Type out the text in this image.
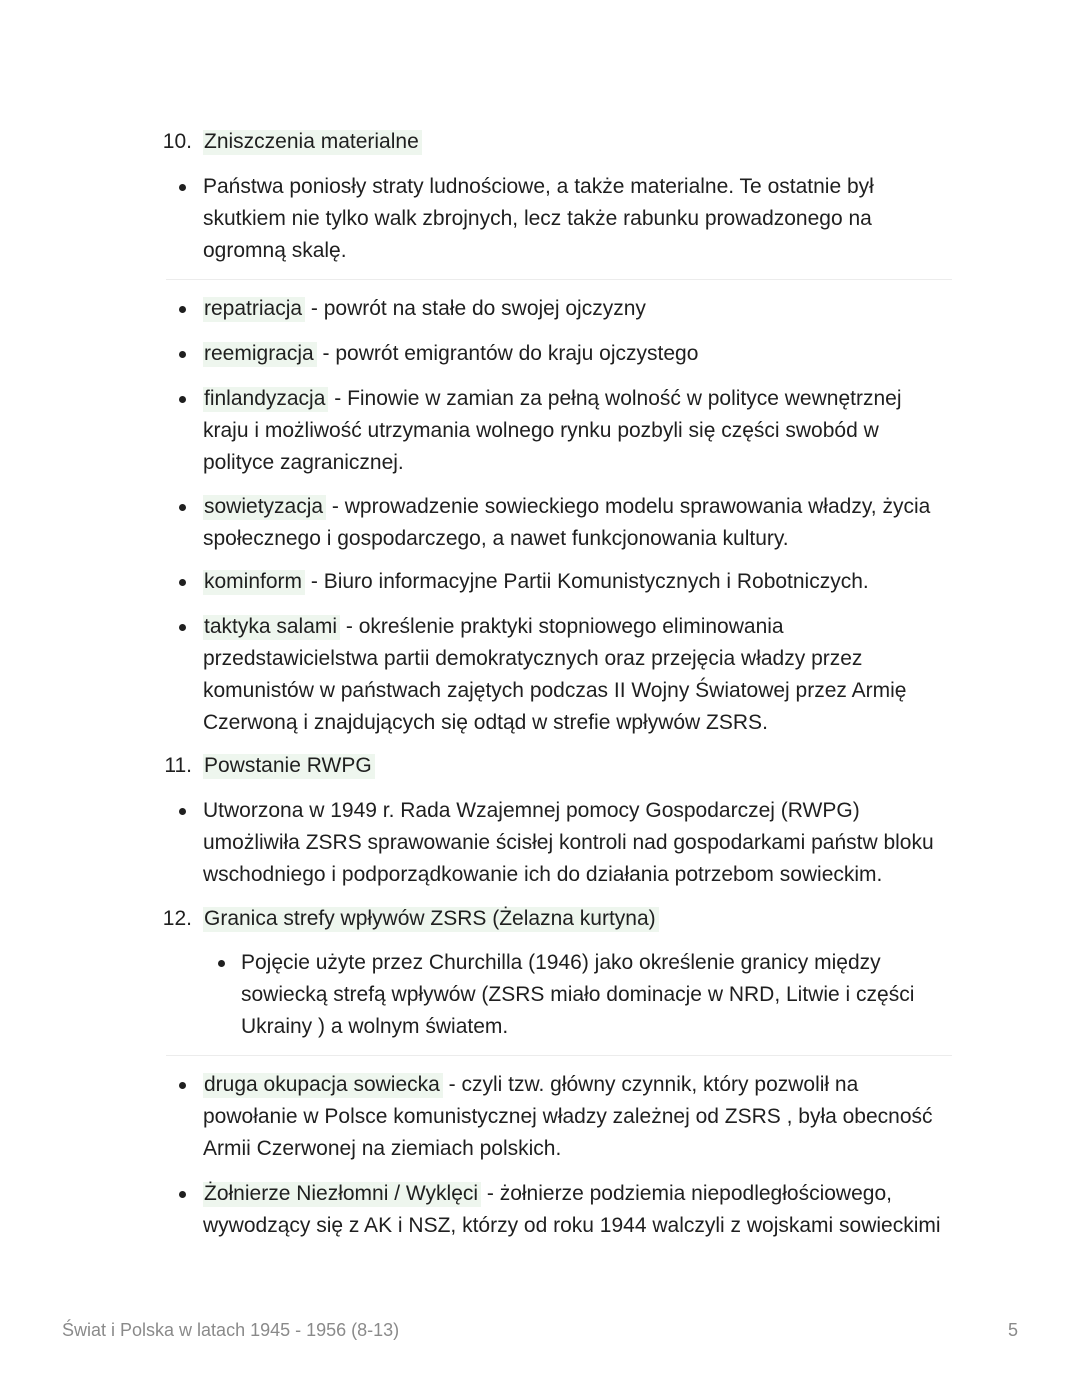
10. Zniszczenia materialne
Państwa poniosły straty ludnościowe, a także materialne. Te ostatnie był
skutkiem nie tylko walk zbrojnych, lecz także rabunku prowadzonego na
ogromną skalę.
repatriacja - powrót na stałe do swojej ojczyzny
reemigracja - powrót emigrantów do kraju ojczystego
finlandyzacja - Finowie w zamian za pełną wolność w polityce wewnętrznej
kraju i możliwość utrzymania wolnego rynku pozbyli się części swobód w
polityce zagranicznej.
sowietyzacja - wprowadzenie sowieckiego modelu sprawowania władzy, życia
społecznego i gospodarczego, a nawet funkcjonowania kultury.
kominform - Biuro informacyjne Partii Komunistycznych i Robotniczych.
taktyka salami - określenie praktyki stopniowego eliminowania
przedstawicielstwa partii demokratycznych oraz przejęcia władzy przez
komunistów w państwach zajętych podczas II Wojny Światowej przez Armię
Czerwoną i znajdujących się odtąd w strefie wpływów ZSRS.
11. Powstanie RWPG
Utworzona w 1949 r. Rada Wzajemnej pomocy Gospodarczej (RWPG)
umożliwiła ZSRS sprawowanie ścisłej kontroli nad gospodarkami państw bloku
wschodniego i podporządkowanie ich do działania potrzebom sowieckim.
12. Granica strefy wpływów ZSRS (Żelazna kurtyna)
Pojęcie użyte przez Churchilla (1946) jako określenie granicy między
sowiecką strefą wpływów (ZSRS miało dominacje w NRD, Litwie i części
Ukrainy ) a wolnym światem.
druga okupacja sowiecka - czyli tzw. główny czynnik, który pozwolił na
powołanie w Polsce komunistycznej władzy zależnej od ZSRS , była obecność
Armii Czerwonej na ziemiach polskich.
Żołnierze Niezłomni / Wyklęci - żołnierze podziemia niepodległościowego,
wywodzący się z AK i NSZ, którzy od roku 1944 walczyli z wojskami sowieckimi
Świat i Polska w latach 1945 - 1956 (8-13)	5
